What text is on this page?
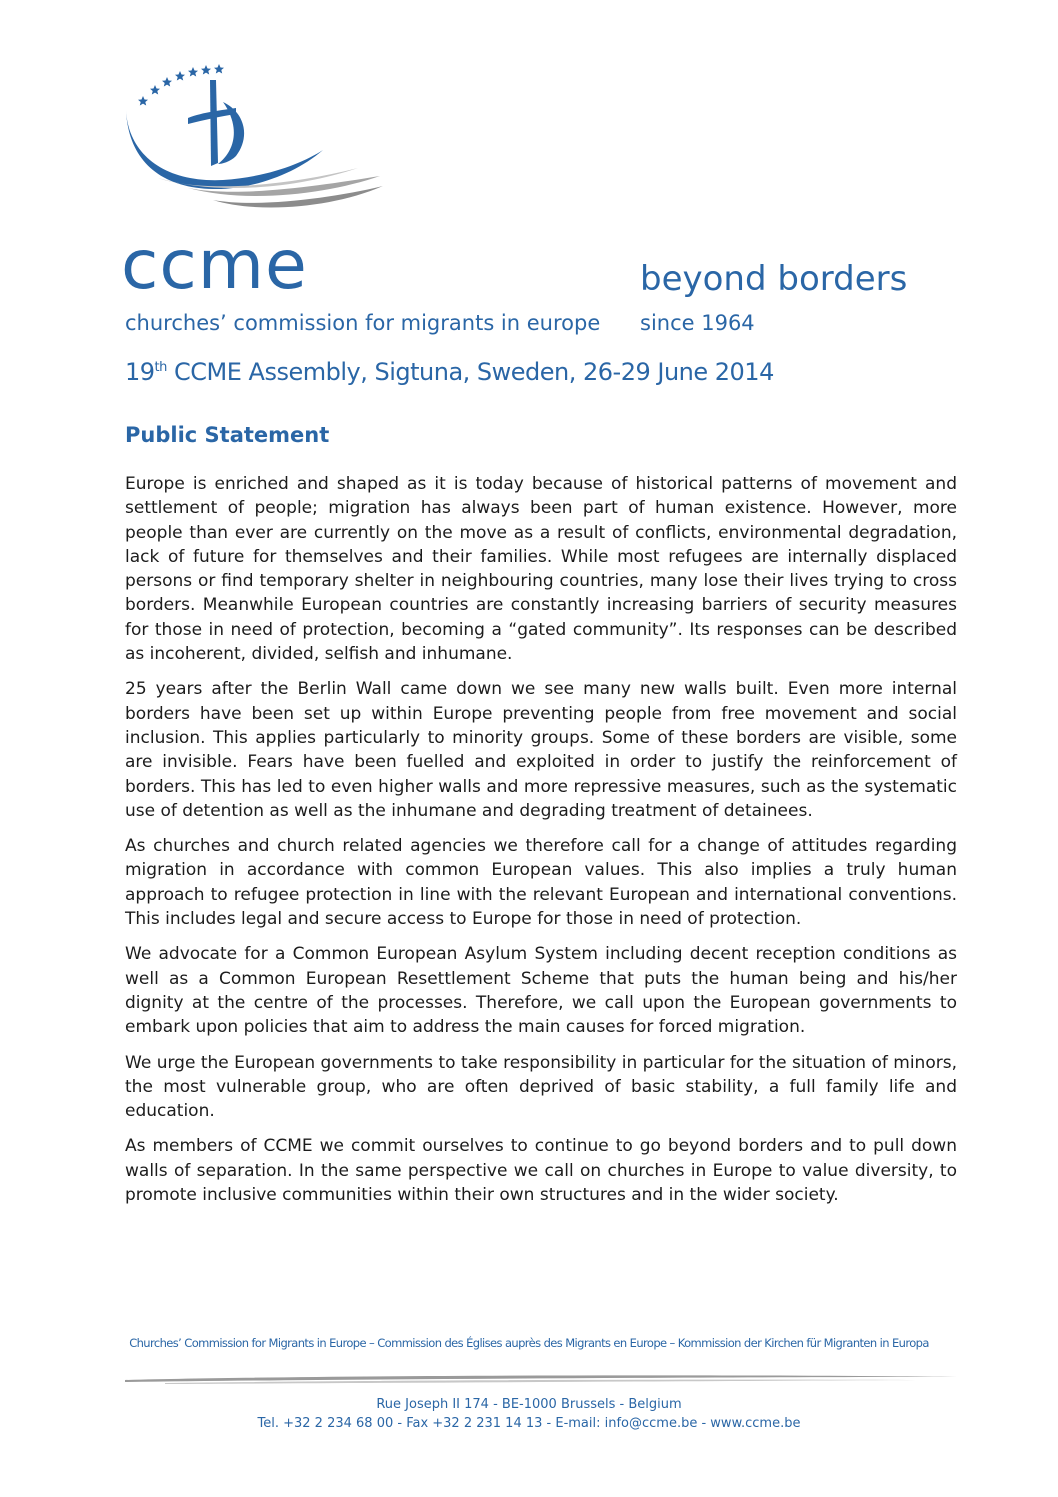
ccme
churches’ commission for migrants in europe
beyond borders
since 1964
19th CCME Assembly, Sigtuna, Sweden, 26-29 June 2014
Public Statement

Europe is enriched and shaped as it is today because of historical patterns of movement and settlement of people; migration has always been part of human existence. However, more people than ever are currently on the move as a result of conflicts, environmental degradation, lack of future for themselves and their families. While most refugees are internally displaced persons or find temporary shelter in neighbouring countries, many lose their lives trying to cross borders. Meanwhile European countries are constantly increasing barriers of security measures for those in need of protection, becoming a “gated community”. Its responses can be described as incoherent, divided, selfish and inhumane.

25 years after the Berlin Wall came down we see many new walls built. Even more internal borders have been set up within Europe preventing people from free movement and social inclusion. This applies particularly to minority groups. Some of these borders are visible, some are invisible. Fears have been fuelled and exploited in order to justify the reinforcement of borders. This has led to even higher walls and more repressive measures, such as the systematic use of detention as well as the inhumane and degrading treatment of detainees.

As churches and church related agencies we therefore call for a change of attitudes regarding migration in accordance with common European values. This also implies a truly human approach to refugee protection in line with the relevant European and international conventions. This includes legal and secure access to Europe for those in need of protection.

We advocate for a Common European Asylum System including decent reception conditions as well as a Common European Resettlement Scheme that puts the human being and his/her dignity at the centre of the processes. Therefore, we call upon the European governments to embark upon policies that aim to address the main causes for forced migration.

We urge the European governments to take responsibility in particular for the situation of minors, the most vulnerable group, who are often deprived of basic stability, a full family life and education.

As members of CCME we commit ourselves to continue to go beyond borders and to pull down walls of separation. In the same perspective we call on churches in Europe to value diversity, to promote inclusive communities within their own structures and in the wider society.

Churches’ Commission for Migrants in Europe – Commission des Églises auprès des Migrants en Europe – Kommission der Kirchen für Migranten in Europa
Rue Joseph II 174 - BE-1000 Brussels - Belgium
Tel. +32 2 234 68 00 - Fax +32 2 231 14 13 - E-mail: info@ccme.be - www.ccme.be
